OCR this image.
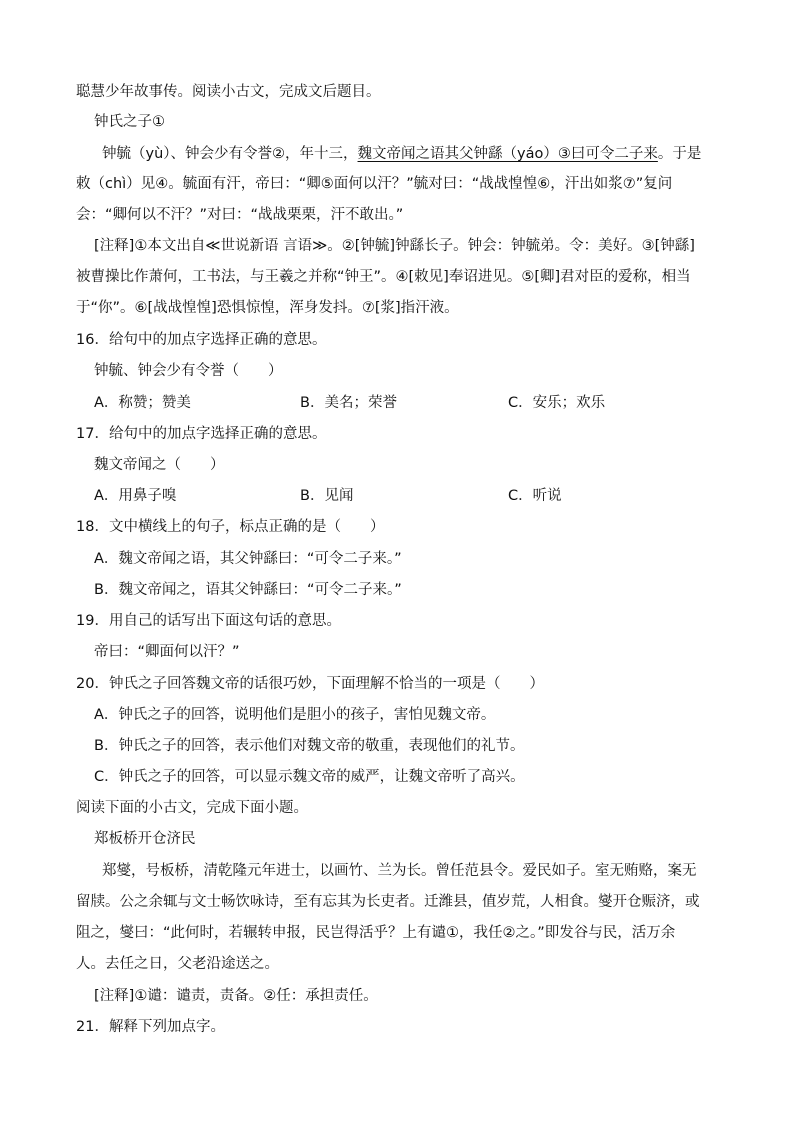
聪慧少年故事传。阅读小古文，完成文后题目。
钟氏之子①
钟毓（yù）、钟会少有令誉②，年十三，魏文帝闻之语其父钟繇（yáo）③曰可令二子来。于是
敕（chì）见④。毓面有汗，帝曰：“卿⑤面何以汗？”毓对曰：“战战惶惶⑥，汗出如浆⑦”复问
会：“卿何以不汗？”对曰：“战战栗栗，汗不敢出。”
[注释]①本文出自≪世说新语 言语≫。②[钟毓]钟繇长子。钟会：钟毓弟。令：美好。③[钟繇]
被曹操比作萧何，工书法，与王羲之并称“钟王”。④[敕见]奉诏进见。⑤[卿]君对臣的爱称，相当
于“你”。⑥[战战惶惶]恐惧惊惶，浑身发抖。⑦[浆]指汗液。
16．给句中的加点字选择正确的意思。
钟毓、钟会少有令誉（　　）
A．称赞；赞美	B．美名；荣誉	C．安乐；欢乐
17．给句中的加点字选择正确的意思。
魏文帝闻之（　　）
A．用鼻子嗅	B．见闻	C．听说
18．文中横线上的句子，标点正确的是（　　）
A．魏文帝闻之语，其父钟繇曰：“可令二子来。”
B．魏文帝闻之，语其父钟繇曰：“可令二子来。”
19．用自己的话写出下面这句话的意思。
帝曰：“卿面何以汗？”
20．钟氏之子回答魏文帝的话很巧妙，下面理解不恰当的一项是（　　）
A．钟氏之子的回答，说明他们是胆小的孩子，害怕见魏文帝。
B．钟氏之子的回答，表示他们对魏文帝的敬重，表现他们的礼节。
C．钟氏之子的回答，可以显示魏文帝的威严，让魏文帝听了高兴。
阅读下面的小古文，完成下面小题。
郑板桥开仓济民
郑燮，号板桥，清乾隆元年进士，以画竹、兰为长。曾任范县令。爱民如子。室无贿赂，案无
留牍。公之余辄与文士畅饮咏诗，至有忘其为长吏者。迁潍县，值岁荒，人相食。燮开仓赈济，或
阻之，燮曰：“此何时，若辗转申报，民岂得活乎？上有谴①，我任②之。”即发谷与民，活万余
人。去任之日，父老沿途送之。
[注释]①谴：谴责，责备。②任：承担责任。
21．解释下列加点字。
